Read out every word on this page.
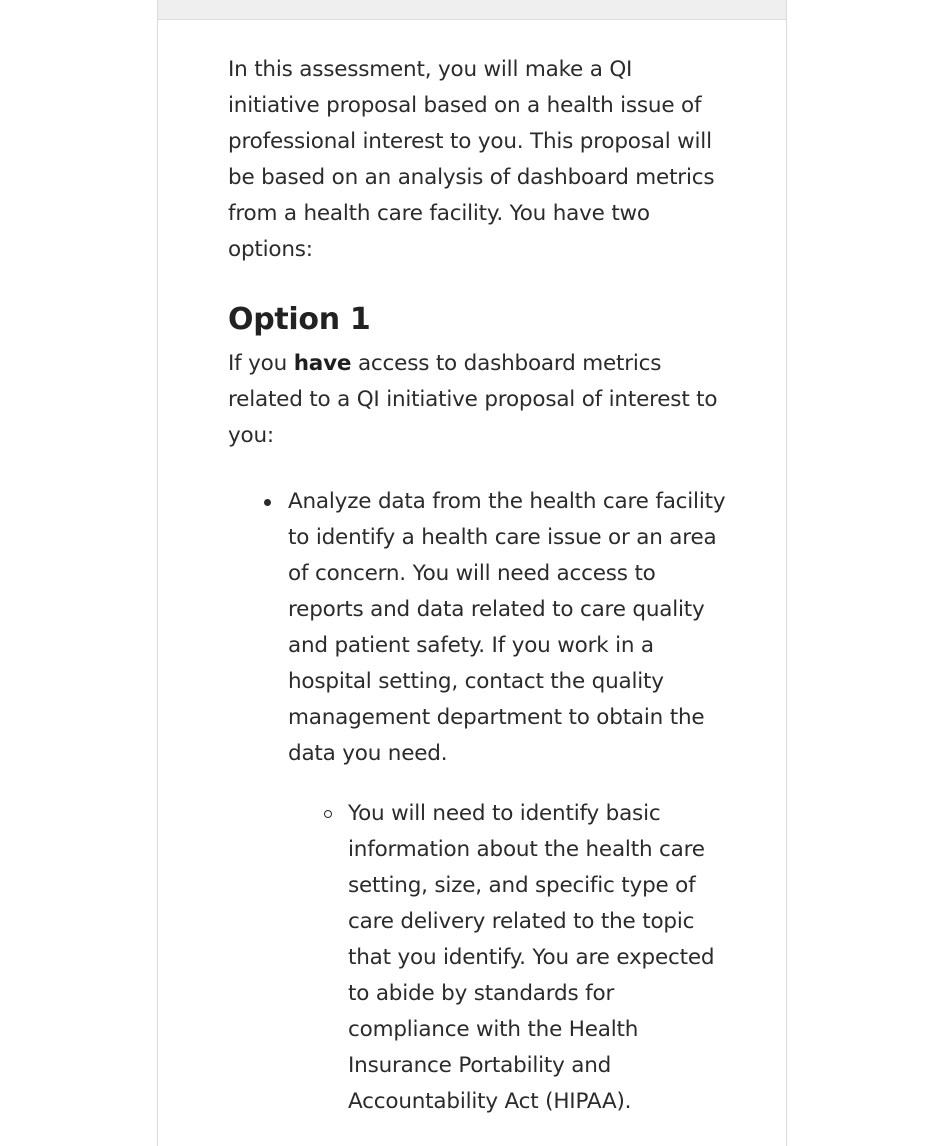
In this assessment, you will make a QI initiative proposal based on a health issue of professional interest to you. This proposal will be based on an analysis of dashboard metrics from a health care facility. You have two options:

Option 1

If you have access to dashboard metrics related to a QI initiative proposal of interest to you:

Analyze data from the health care facility to identify a health care issue or an area of concern. You will need access to reports and data related to care quality and patient safety. If you work in a hospital setting, contact the quality management department to obtain the data you need.
You will need to identify basic information about the health care setting, size, and specific type of care delivery related to the topic that you identify. You are expected to abide by standards for compliance with the Health Insurance Portability and Accountability Act (HIPAA).
